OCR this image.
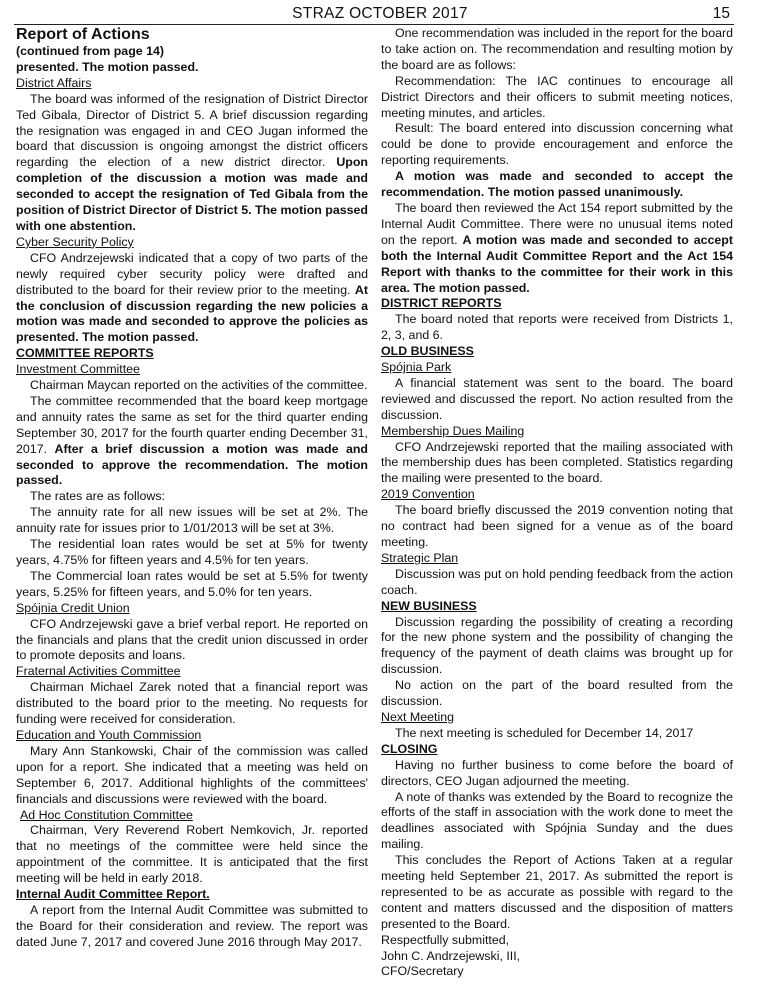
STRAZ OCTOBER 2017	15
Report of Actions

(continued from page 14)

presented. The motion passed.

District Affairs

The board was informed of the resignation of District Director Ted Gibala, Director of District 5. A brief discussion regarding the resignation was engaged in and CEO Jugan informed the board that discussion is ongoing amongst the district officers regarding the election of a new district director. Upon completion of the discussion a motion was made and seconded to accept the resignation of Ted Gibala from the position of District Director of District 5. The motion passed with one abstention.

Cyber Security Policy

CFO Andrzejewski indicated that a copy of two parts of the newly required cyber security policy were drafted and distributed to the board for their review prior to the meeting. At the conclusion of discussion regarding the new policies a motion was made and seconded to approve the policies as presented. The motion passed.

COMMITTEE REPORTS

Investment Committee

Chairman Maycan reported on the activities of the committee.

The committee recommended that the board keep mortgage and annuity rates the same as set for the third quarter ending September 30, 2017 for the fourth quarter ending December 31, 2017. After a brief discussion a motion was made and seconded to approve the recommendation. The motion passed.

The rates are as follows:

The annuity rate for all new issues will be set at 2%. The annuity rate for issues prior to 1/01/2013 will be set at 3%.

The residential loan rates would be set at 5% for twenty years, 4.75% for fifteen years and 4.5% for ten years.

The Commercial loan rates would be set at 5.5% for twenty years, 5.25% for fifteen years, and 5.0% for ten years.

Spójnia Credit Union

CFO Andrzejewski gave a brief verbal report. He reported on the financials and plans that the credit union discussed in order to promote deposits and loans.

Fraternal Activities Committee

Chairman Michael Zarek noted that a financial report was distributed to the board prior to the meeting. No requests for funding were received for consideration.

Education and Youth Commission

Mary Ann Stankowski, Chair of the commission was called upon for a report. She indicated that a meeting was held on September 6, 2017. Additional highlights of the committees' financials and discussions were reviewed with the board.

Ad Hoc Constitution Committee

Chairman, Very Reverend Robert Nemkovich, Jr. reported that no meetings of the committee were held since the appointment of the committee. It is anticipated that the first meeting will be held in early 2018.

Internal Audit Committee Report.

A report from the Internal Audit Committee was submitted to the Board for their consideration and review. The report was dated June 7, 2017 and covered June 2016 through May 2017.

One recommendation was included in the report for the board to take action on. The recommendation and resulting motion by the board are as follows:

Recommendation: The IAC continues to encourage all District Directors and their officers to submit meeting notices, meeting minutes, and articles.

Result: The board entered into discussion concerning what could be done to provide encouragement and enforce the reporting requirements.

A motion was made and seconded to accept the recommendation. The motion passed unanimously.

The board then reviewed the Act 154 report submitted by the Internal Audit Committee. There were no unusual items noted on the report. A motion was made and seconded to accept both the Internal Audit Committee Report and the Act 154 Report with thanks to the committee for their work in this area. The motion passed.

DISTRICT REPORTS

The board noted that reports were received from Districts 1, 2, 3, and 6.

OLD BUSINESS

Spójnia Park

A financial statement was sent to the board. The board reviewed and discussed the report. No action resulted from the discussion.

Membership Dues Mailing

CFO Andrzejewski reported that the mailing associated with the membership dues has been completed. Statistics regarding the mailing were presented to the board.

2019 Convention

The board briefly discussed the 2019 convention noting that no contract had been signed for a venue as of the board meeting.

Strategic Plan

Discussion was put on hold pending feedback from the action coach.

NEW BUSINESS

Discussion regarding the possibility of creating a recording for the new phone system and the possibility of changing the frequency of the payment of death claims was brought up for discussion.

No action on the part of the board resulted from the discussion.

Next Meeting

The next meeting is scheduled for December 14, 2017

CLOSING

Having no further business to come before the board of directors, CEO Jugan adjourned the meeting.

A note of thanks was extended by the Board to recognize the efforts of the staff in association with the work done to meet the deadlines associated with Spójnia Sunday and the dues mailing.

This concludes the Report of Actions Taken at a regular meeting held September 21, 2017. As submitted the report is represented to be as accurate as possible with regard to the content and matters discussed and the disposition of matters presented to the Board.

Respectfully submitted,

John C. Andrzejewski, III,

CFO/Secretary
